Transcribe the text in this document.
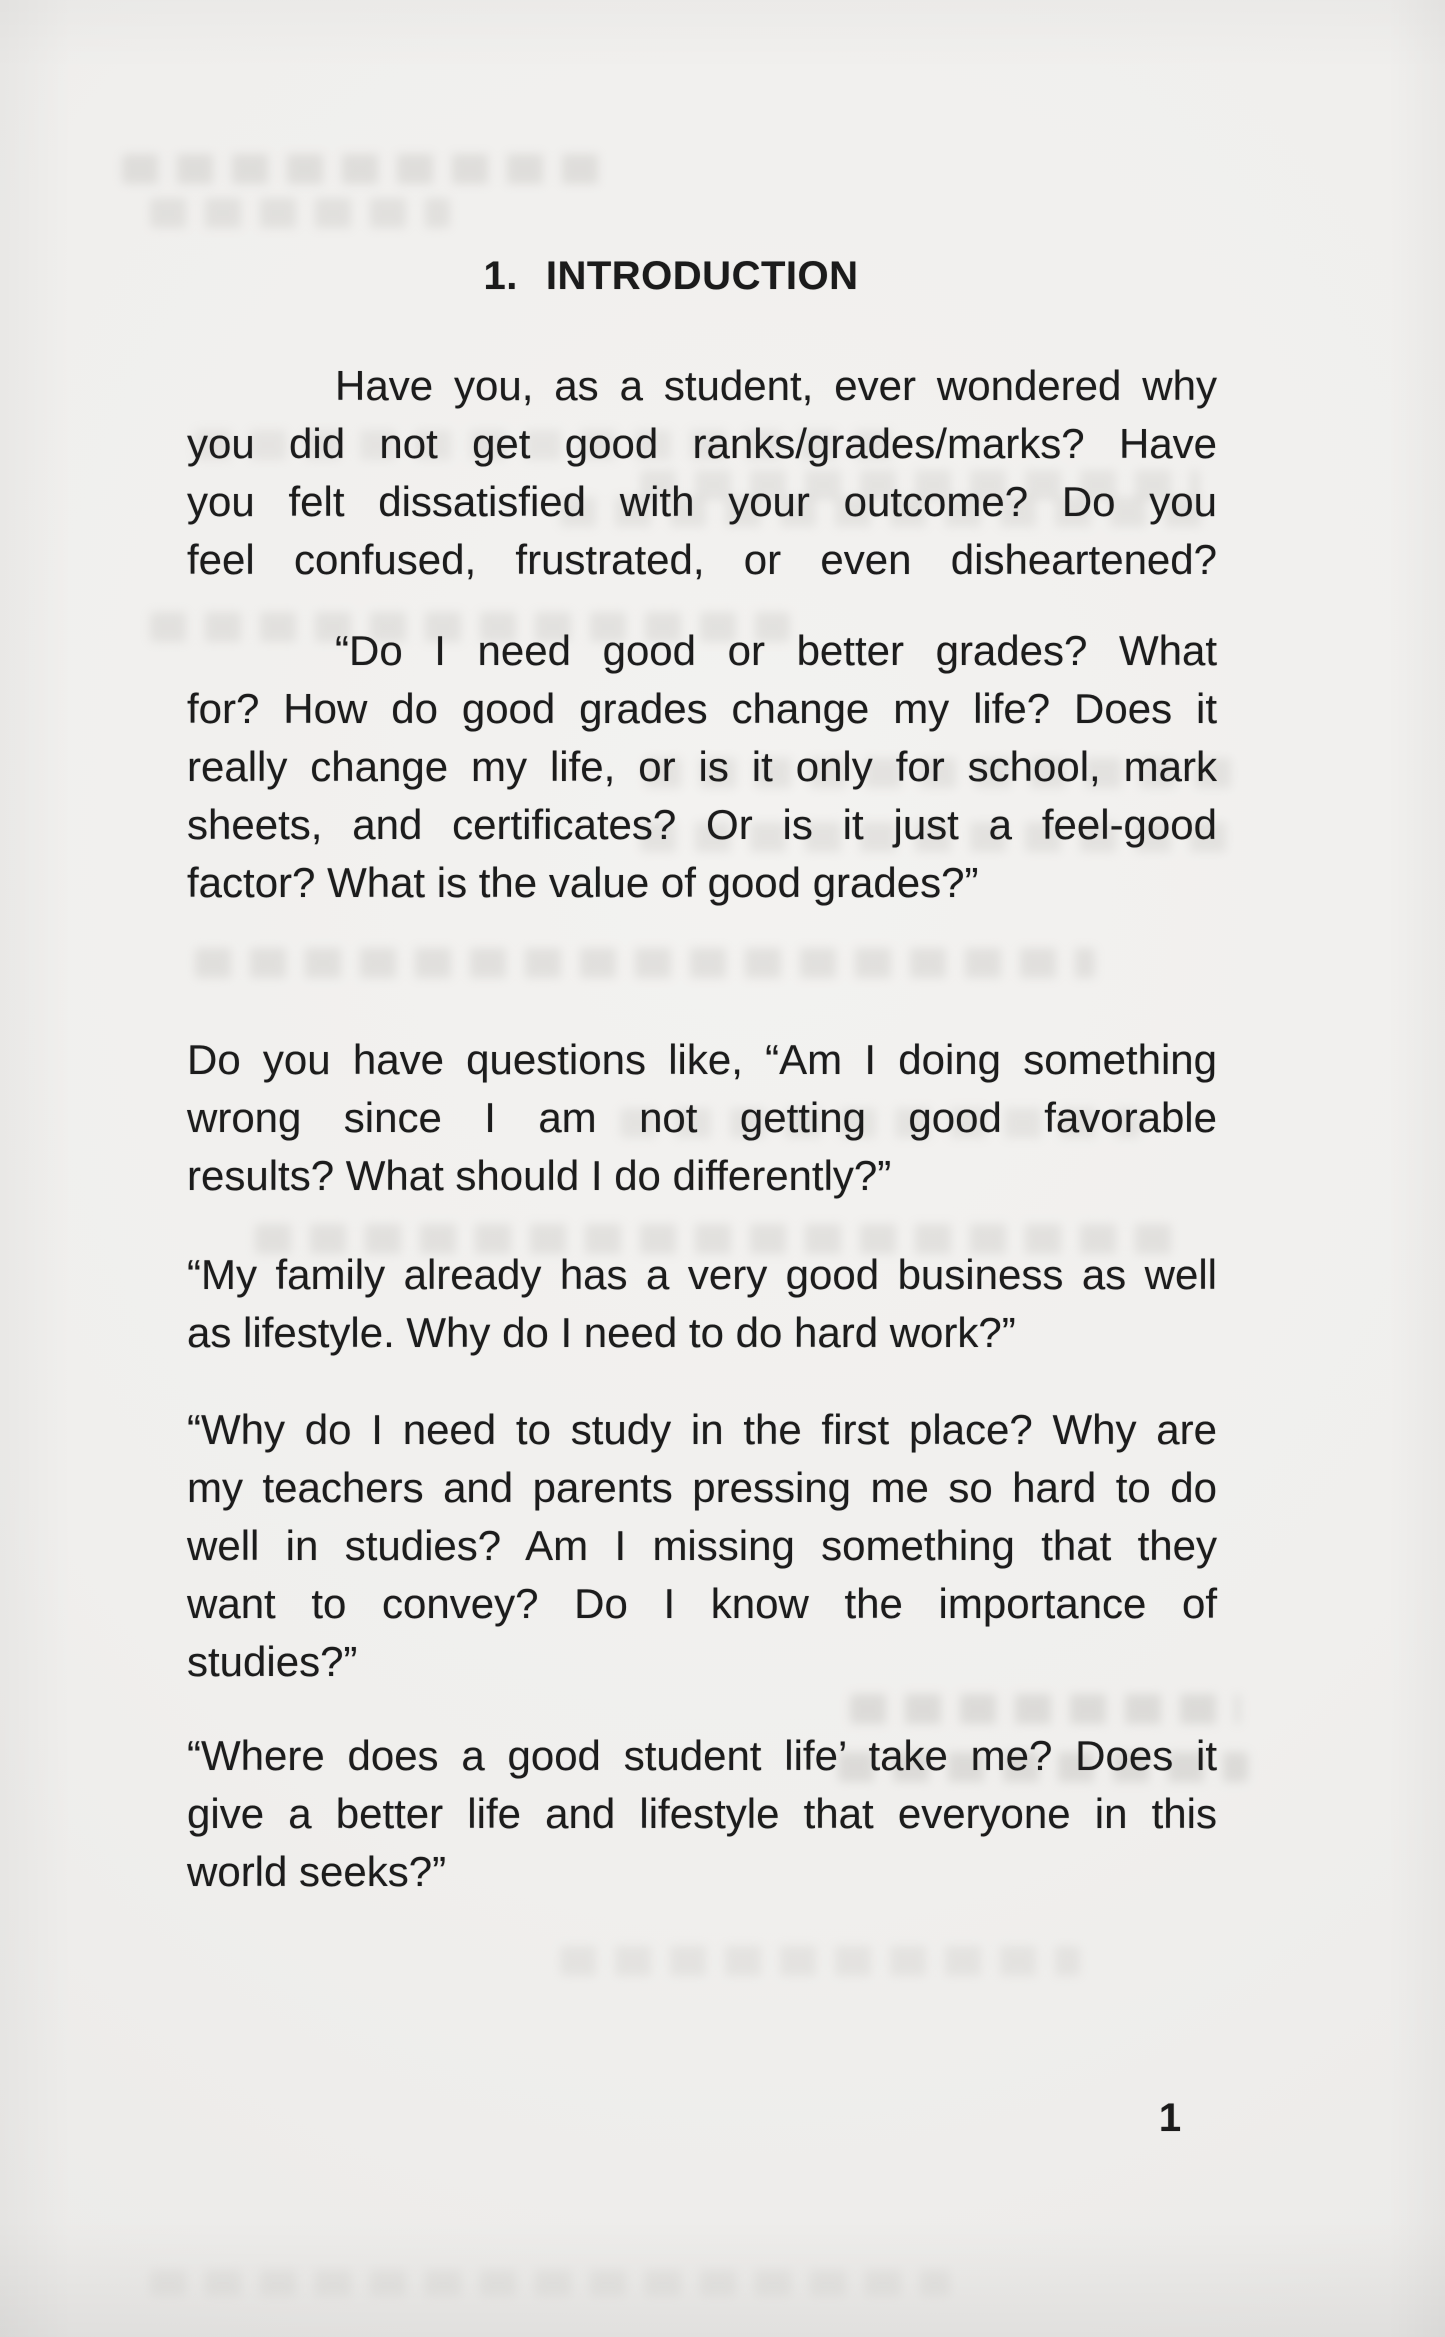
1. INTRODUCTION
Have you, as a student, ever wondered why
you did not get good ranks/grades/marks? Have
you felt dissatisfied with your outcome? Do you
feel confused, frustrated, or even disheartened?
“Do I need good or better grades? What
for? How do good grades change my life? Does it
really change my life, or is it only for school, mark
sheets, and certificates? Or is it just a feel-good
factor? What is the value of good grades?”
Do you have questions like, “Am I doing something
wrong since I am not getting good favorable
results? What should I do differently?”
“My family already has a very good business as well
as lifestyle. Why do I need to do hard work?”
“Why do I need to study in the first place? Why are
my teachers and parents pressing me so hard to do
well in studies? Am I missing something that they
want to convey? Do I know the importance of
studies?”
“Where does a good student life’ take me? Does it
give a better life and lifestyle that everyone in this
world seeks?”
1
